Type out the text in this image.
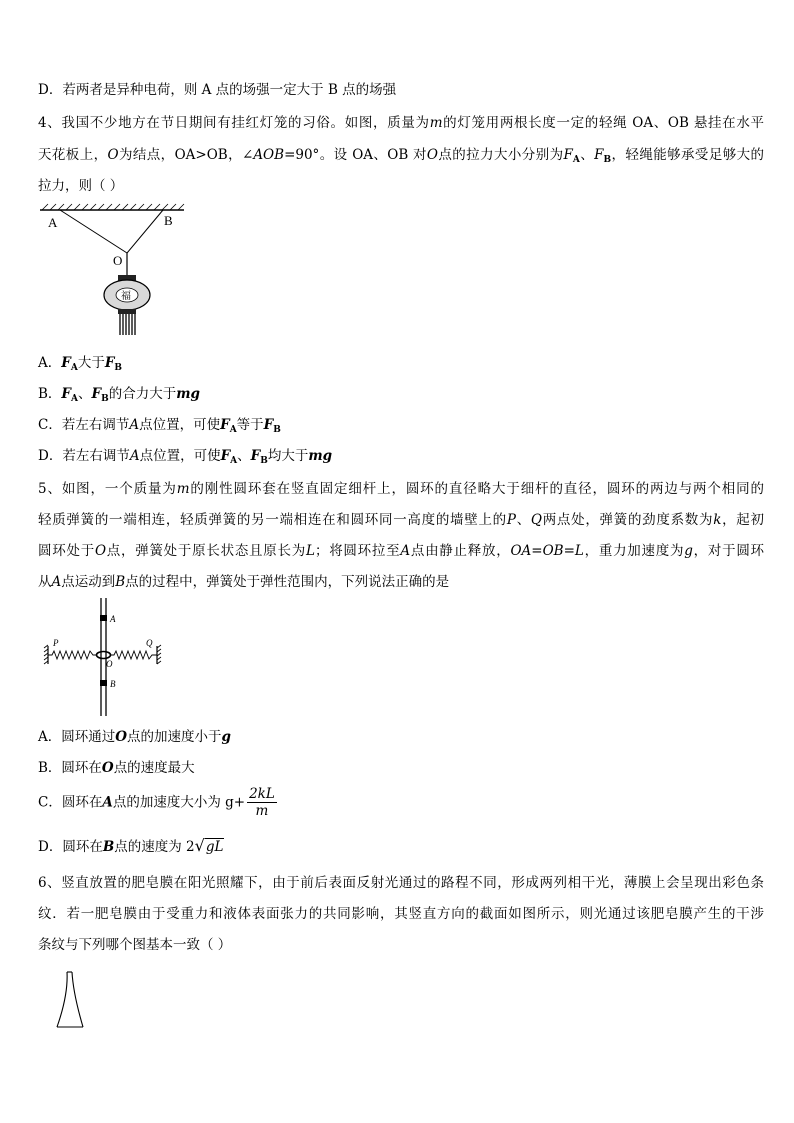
D．若两者是异种电荷，则 A 点的场强一定大于 B 点的场强
4、我国不少地方在节日期间有挂红灯笼的习俗。如图，质量为m的灯笼用两根长度一定的轻绳 OA、OB 悬挂在水平
天花板上，O为结点，OA>OB，∠AOB=90°。设 OA、OB 对O点的拉力大小分别为$F_A$、$F_B$，轻绳能够承受足够大的
拉力，则（ ）
A	B
O
福
A．$F_A$大于$F_B$
B．$F_A$、$F_B$的合力大于mg
C．若左右调节A点位置，可使$F_A$等于$F_B$
D．若左右调节A点位置，可使$F_A$、$F_B$均大于mg
5、如图，一个质量为m的刚性圆环套在竖直固定细杆上，圆环的直径略大于细杆的直径，圆环的两边与两个相同的
轻质弹簧的一端相连，轻质弹簧的另一端相连在和圆环同一高度的墙壁上的P、Q两点处，弹簧的劲度系数为k，起初
圆环处于O点，弹簧处于原长状态且原长为L；将圆环拉至A点由静止释放，OA=OB=L，重力加速度为g，对于圆环
从A点运动到B点的过程中，弹簧处于弹性范围内，下列说法正确的是
P	Q
A
O
B
A．圆环通过O点的加速度小于g
B．圆环在O点的速度最大
C．圆环在A点的加速度大小为 $g+ \frac{2kL}{m}$
D．圆环在B点的速度为 2√gL
6、竖直放置的肥皂膜在阳光照耀下，由于前后表面反射光通过的路程不同，形成两列相干光，薄膜上会呈现出彩色条
纹．若一肥皂膜由于受重力和液体表面张力的共同影响，其竖直方向的截面如图所示，则光通过该肥皂膜产生的干涉
条纹与下列哪个图基本一致（ ）
